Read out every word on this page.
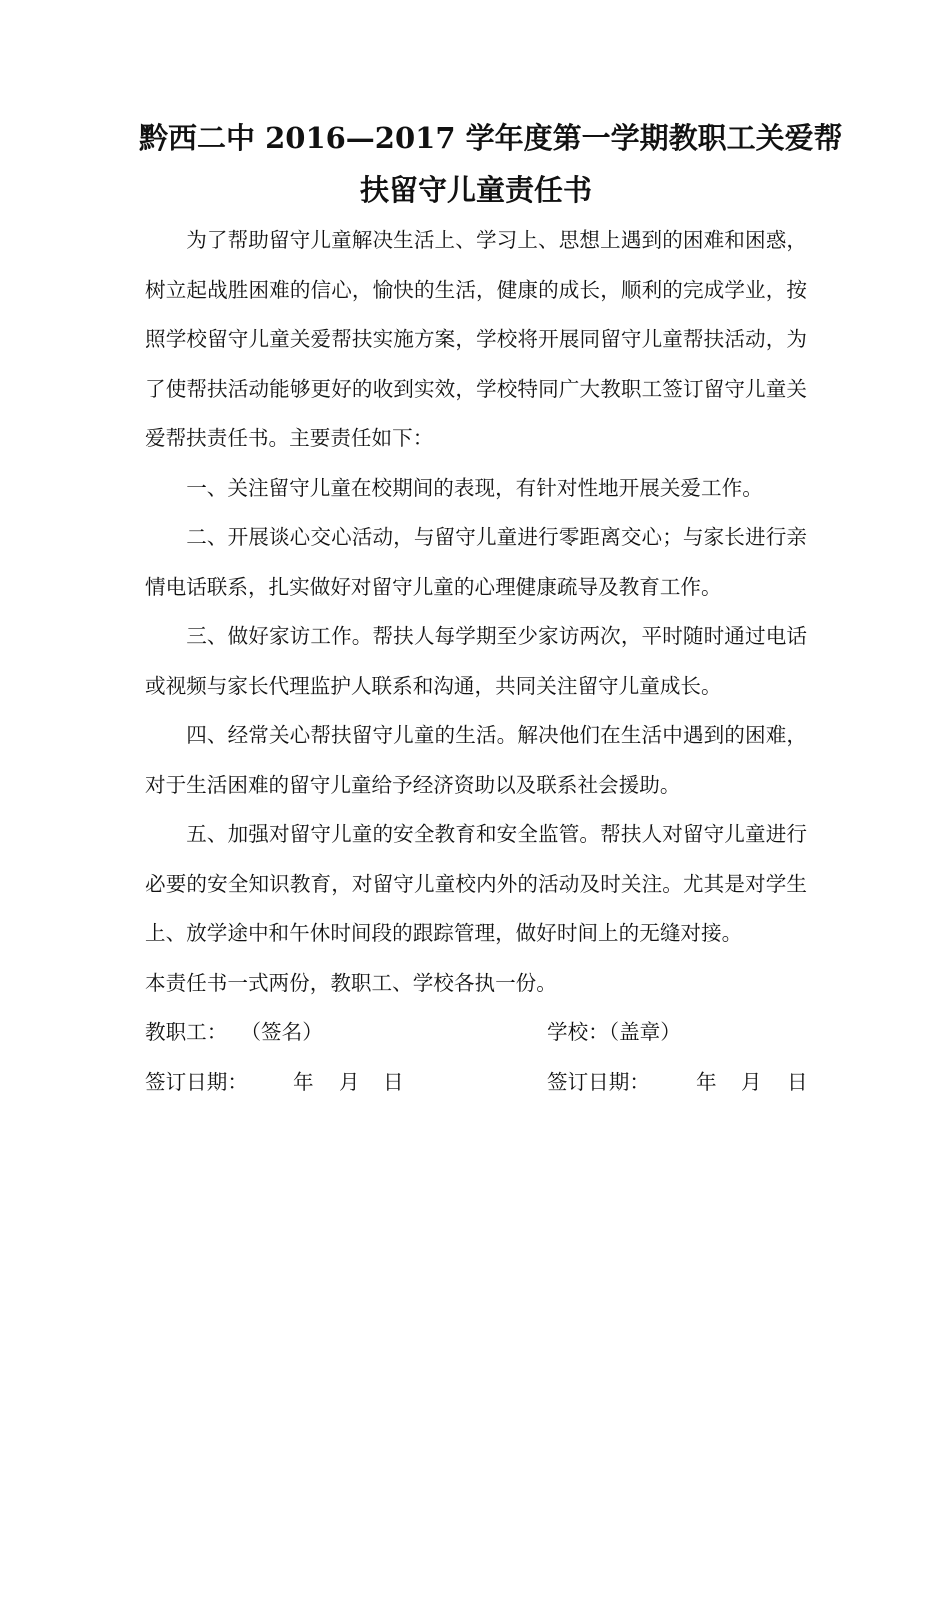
黔西二中 2016—2017 学年度第一学期教职工关爱帮
扶留守儿童责任书

为了帮助留守儿童解决生活上、学习上、思想上遇到的困难和困惑，树立起战胜困难的信心，愉快的生活，健康的成长，顺利的完成学业，按照学校留守儿童关爱帮扶实施方案，学校将开展同留守儿童帮扶活动，为了使帮扶活动能够更好的收到实效，学校特同广大教职工签订留守儿童关爱帮扶责任书。主要责任如下：

一、关注留守儿童在校期间的表现，有针对性地开展关爱工作。

二、开展谈心交心活动，与留守儿童进行零距离交心；与家长进行亲情电话联系，扎实做好对留守儿童的心理健康疏导及教育工作。

三、做好家访工作。帮扶人每学期至少家访两次，平时随时通过电话或视频与家长代理监护人联系和沟通，共同关注留守儿童成长。

四、经常关心帮扶留守儿童的生活。解决他们在生活中遇到的困难，对于生活困难的留守儿童给予经济资助以及联系社会援助。

五、加强对留守儿童的安全教育和安全监管。帮扶人对留守儿童进行必要的安全知识教育，对留守儿童校内外的活动及时关注。尤其是对学生上、放学途中和午休时间段的跟踪管理，做好时间上的无缝对接。

本责任书一式两份，教职工、学校各执一份。

教职工： （签名）

	学校：（盖章）

签订日期：

年

月

日

	签订日期：

年

月

日
